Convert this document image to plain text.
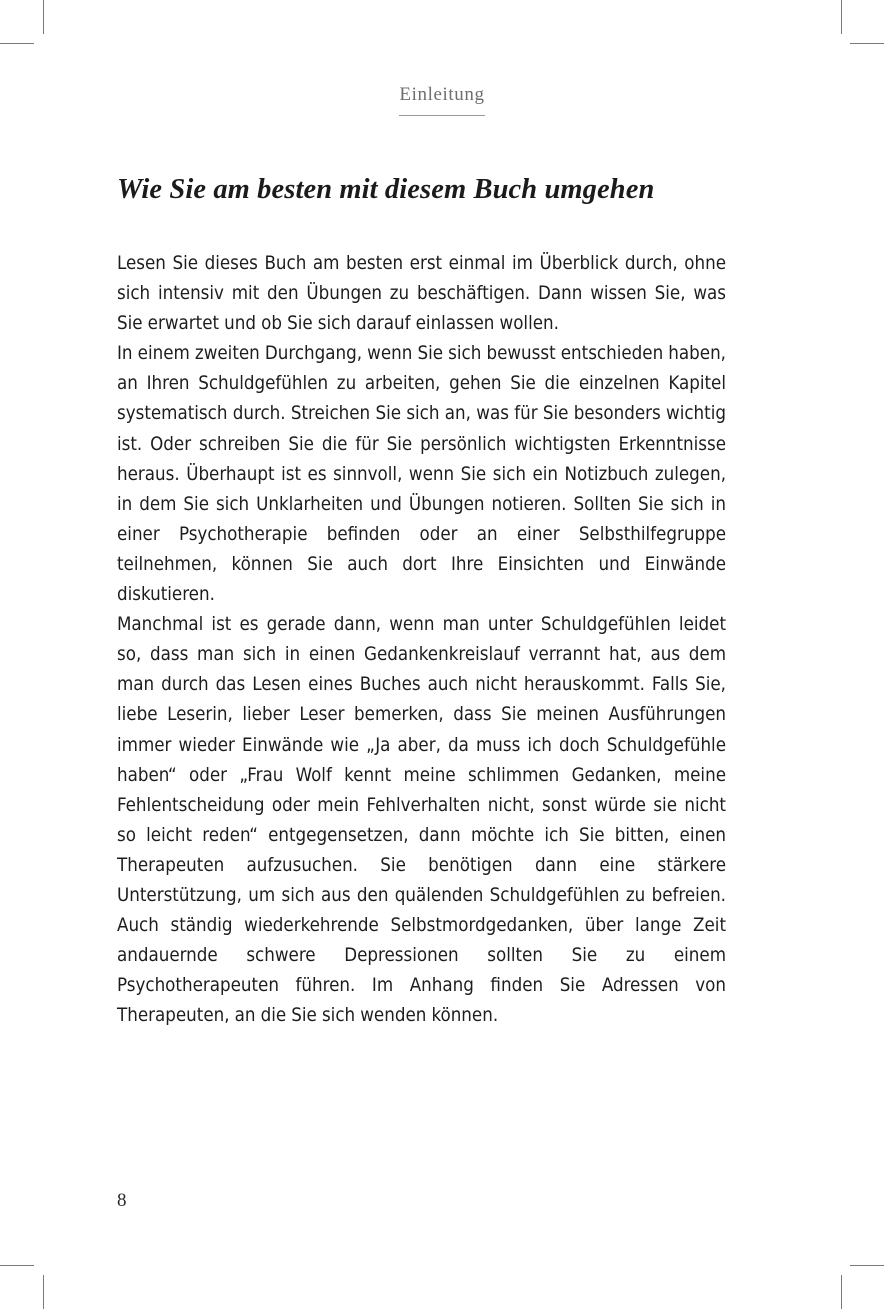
Einleitung
Wie Sie am besten mit diesem Buch umgehen

Lesen Sie dieses Buch am besten erst einmal im Überblick durch, ohne sich intensiv mit den Übungen zu beschäftigen. Dann wissen Sie, was Sie erwartet und ob Sie sich darauf einlassen wollen.

In einem zweiten Durchgang, wenn Sie sich bewusst entschieden haben, an Ihren Schuldgefühlen zu arbeiten, gehen Sie die einzelnen Kapitel systematisch durch. Streichen Sie sich an, was für Sie besonders wichtig ist. Oder schreiben Sie die für Sie persönlich wichtigsten Erkenntnisse heraus. Überhaupt ist es sinnvoll, wenn Sie sich ein Notizbuch zulegen, in dem Sie sich Unklarheiten und Übungen notieren. Sollten Sie sich in einer Psychotherapie befinden oder an einer Selbsthilfegruppe teilnehmen, können Sie auch dort Ihre Einsichten und Einwände diskutieren.

Manchmal ist es gerade dann, wenn man unter Schuldgefühlen leidet so, dass man sich in einen Gedankenkreislauf verrannt hat, aus dem man durch das Lesen eines Buches auch nicht herauskommt. Falls Sie, liebe Leserin, lieber Leser bemerken, dass Sie meinen Ausführungen immer wieder Einwände wie „Ja aber, da muss ich doch Schuldgefühle haben“ oder „Frau Wolf kennt meine schlimmen Gedanken, meine Fehlentscheidung oder mein Fehlverhalten nicht, sonst würde sie nicht so leicht reden“ entgegensetzen, dann möchte ich Sie bitten, einen Therapeuten aufzusuchen. Sie benötigen dann eine stärkere Unterstützung, um sich aus den quälenden Schuldgefühlen zu befreien. Auch ständig wiederkehrende Selbstmordgedanken, über lange Zeit andauernde schwere Depressionen sollten Sie zu einem Psychotherapeuten führen. Im Anhang finden Sie Adressen von Therapeuten, an die Sie sich wenden können.

8
